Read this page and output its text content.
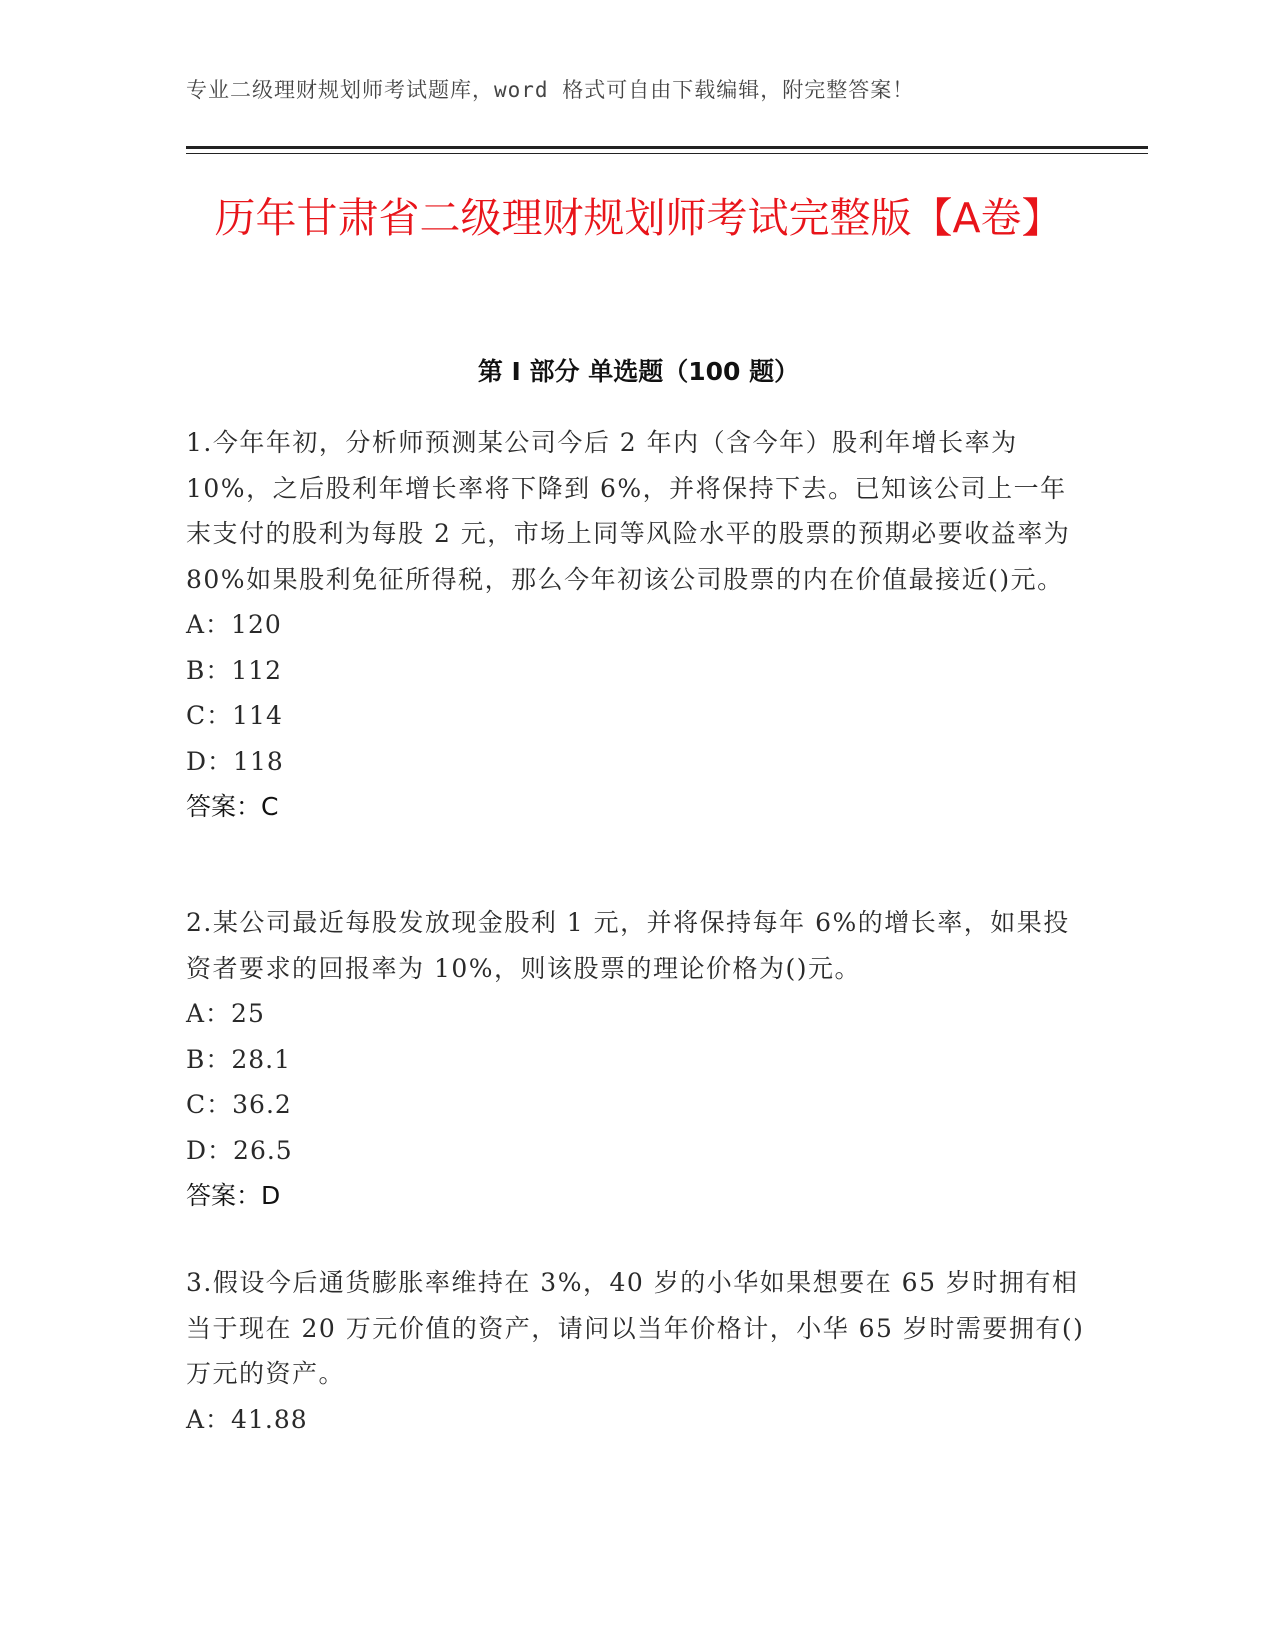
专业二级理财规划师考试题库，word 格式可自由下载编辑，附完整答案！
历年甘肃省二级理财规划师考试完整版【A卷】
第 I 部分 单选题（100 题）

1.今年年初，分析师预测某公司今后 2 年内（含今年）股利年增长率为 10%，之后股利年增长率将下降到 6%，并将保持下去。已知该公司上一年末支付的股利为每股 2 元，市场上同等风险水平的股票的预期必要收益率为 80%如果股利免征所得税，那么今年初该公司股票的内在价值最接近()元。

A：120

B：112

C：114

D：118

答案：C

2.某公司最近每股发放现金股利 1 元，并将保持每年 6%的增长率，如果投资者要求的回报率为 10%，则该股票的理论价格为()元。

A：25

B：28.1

C：36.2

D：26.5

答案：D

3.假设今后通货膨胀率维持在 3%，40 岁的小华如果想要在 65 岁时拥有相当于现在 20 万元价值的资产，请问以当年价格计，小华 65 岁时需要拥有()万元的资产。

A：41.88
